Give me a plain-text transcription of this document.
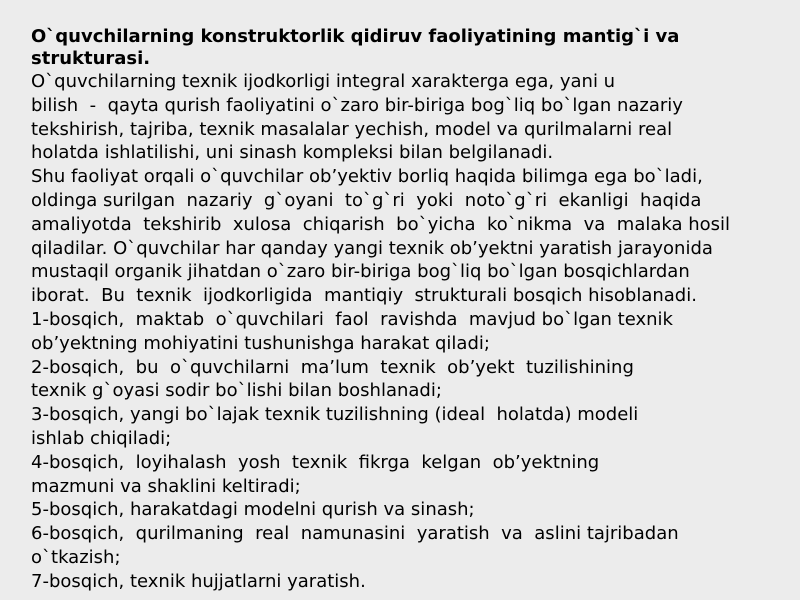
O`quvchilarning konstruktorlik qidiruv faoliyatining mantig`i va

strukturasi.

O`quvchilarning texnik ijodkorligi integral xarakterga ega, yani u

bilish  -  qayta qurish faoliyatini o`zaro bir-biriga bog`liq bo`lgan nazariy

tekshirish, tajriba, texnik masalalar yechish, model va qurilmalarni real

holatda ishlatilishi, uni sinash kompleksi bilan belgilanadi.

Shu faoliyat orqali o`quvchilar ob’yektiv borliq haqida bilimga ega bo`ladi,

oldinga surilgan  nazariy  g`oyani  to`g`ri  yoki  noto`g`ri  ekanligi  haqida

amaliyotda  tekshirib  xulosa  chiqarish  bo`yicha  ko`nikma  va  malaka hosil

qiladilar. O`quvchilar har qanday yangi texnik ob’yektni yaratish jarayonida

mustaqil organik jihatdan o`zaro bir-biriga bog`liq bo`lgan bosqichlardan

iborat.  Bu  texnik  ijodkorligida  mantiqiy  strukturali bosqich hisoblanadi.

1-bosqich,  maktab  o`quvchilari  faol  ravishda  mavjud bo`lgan texnik

ob’yektning mohiyatini tushunishga harakat qiladi;

2-bosqich,  bu  o`quvchilarni  ma’lum  texnik  ob’yekt  tuzilishining

texnik g`oyasi sodir bo`lishi bilan boshlanadi;

3-bosqich, yangi bo`lajak texnik tuzilishning (ideal  holatda) modeli

ishlab chiqiladi;

4-bosqich,  loyihalash  yosh  texnik  fikrga  kelgan  ob’yektning

mazmuni va shaklini keltiradi;

5-bosqich, harakatdagi modelni qurish va sinash;

6-bosqich,  qurilmaning  real  namunasini  yaratish  va  aslini tajribadan

o`tkazish;

7-bosqich, texnik hujjatlarni yaratish.
